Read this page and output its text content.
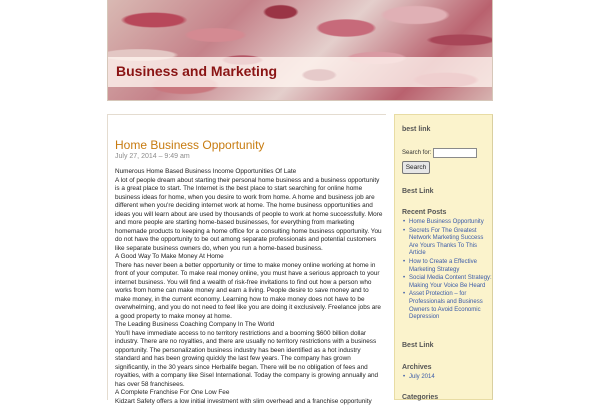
Business and Marketing
Home Business Opportunity
July 27, 2014 – 9:49 am

Numerous Home Based Business Income Opportunities Of Late

A lot of people dream about starting their personal home business and a business opportunity is a great place to start. The Internet is the best place to start searching for online home business ideas for home, when you desire to work from home. A home and business job are different when you're deciding internet work at home. The home business opportunities and ideas you will learn about are used by thousands of people to work at home successfully. More and more people are starting home-based businesses, for everything from marketing homemade products to keeping a home office for a consulting home business opportunity. You do not have the opportunity to be out among separate professionals and potential customers like separate business owners do, when you run a home-based business.

A Good Way To Make Money At Home

There has never been a better opportunity or time to make money online working at home in front of your computer. To make real money online, you must have a serious approach to your internet business. You will find a wealth of risk-free invitations to find out how a person who works from home can make money and earn a living. People desire to save money and to make money, in the current economy. Learning how to make money does not have to be overwhelming, and you do not need to feel like you are doing it exclusively. Freelance jobs are a good property to make money at home.

The Leading Business Coaching Company In The World

You'll have immediate access to no territory restrictions and a booming $600 billion dollar industry. There are no royalties, and there are usually no territory restrictions with a business opportunity. The personalization business industry has been identified as a hot industry standard and has been growing quickly the last few years. The company has grown significantly, in the 30 years since Herbalife began. There will be no obligation of fees and royalties, with a company like Sisel International. Today the company is growing annually and has over 58 franchisees.

A Complete Franchise For One Low Fee

Kidzart Safety offers a low initial investment with slim overhead and a franchise opportunity

best link
Search for:
Search
Best Link
Recent Posts
• Home Business Opportunity
• Secrets For The Greatest Network Marketing Success Are Yours Thanks To This Article
• How to Create a Effective Marketing Strategy
• Social Media Content Strategy: Making Your Voice Be Heard
• Asset Protection – for Professionals and Business Owners to Avoid Economic Depression
Best Link
Archives
• July 2014
Categories
